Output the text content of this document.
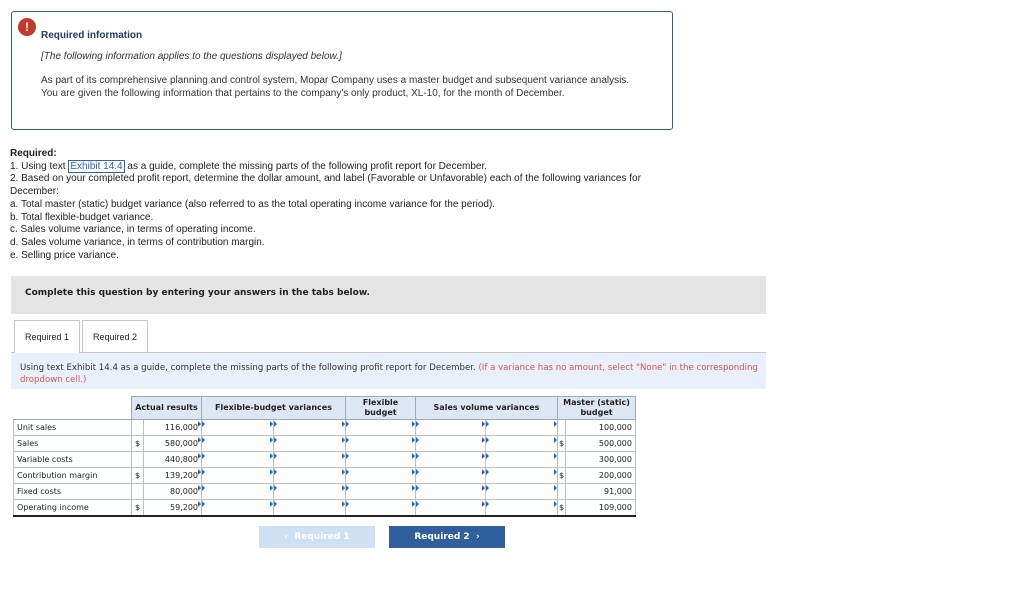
!
Required information
[The following information applies to the questions displayed below.]
As part of its comprehensive planning and control system, Mopar Company uses a master budget and subsequent variance analysis. You are given the following information that pertains to the company's only product, XL-10, for the month of December.
Required:
1. Using text Exhibit 14.4 as a guide, complete the missing parts of the following profit report for December.
2. Based on your completed profit report, determine the dollar amount, and label (Favorable or Unfavorable) each of the following variances for December:
a. Total master (static) budget variance (also referred to as the total operating income variance for the period).
b. Total flexible-budget variance.
c. Sales volume variance, in terms of operating income.
d. Sales volume variance, in terms of contribution margin.
e. Selling price variance.
Complete this question by entering your answers in the tabs below.
Required 1	Required 2
Using text Exhibit 14.4 as a guide, complete the missing parts of the following profit report for December. (If a variance has no amount, select "None" in the corresponding dropdown cell.)
	Actual results		Flexible-budget variances		Flexible budget	Sales volume variances		Master (static) budget	
Unit sales		116,000							100,000
Sales	$	580,000						$	500,000
Variable costs		440,800							300,000
Contribution margin	$	139,200						$	200,000
Fixed costs		80,000							91,000
Operating income	$	59,200						$	109,000
‹  Required 1	Required 2  ›
